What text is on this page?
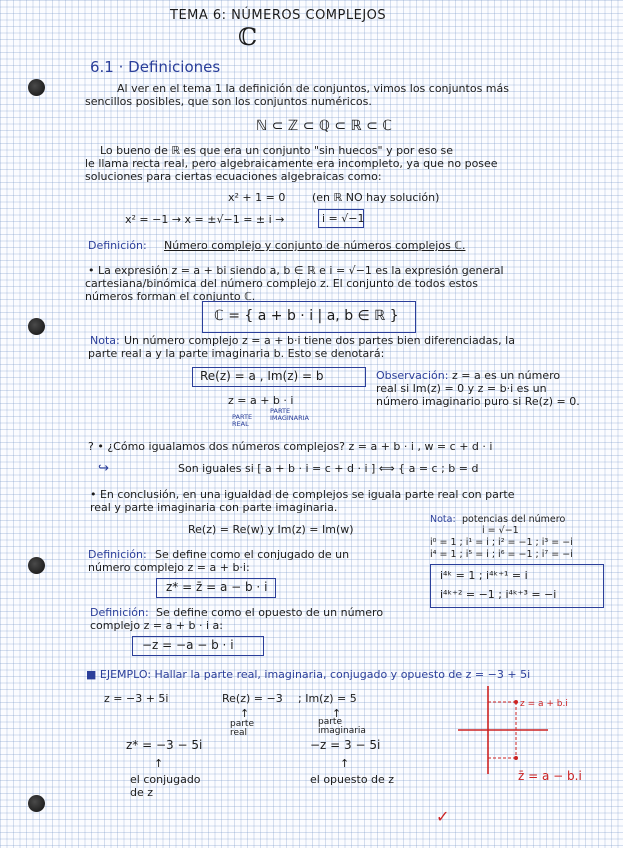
TEMA 6: NÚMEROS COMPLEJOS
ℂ
6.1 · Definiciones
Al ver en el tema 1 la definición de conjuntos, vimos los conjuntos más
sencillos posibles, que son los conjuntos numéricos.
ℕ ⊂ ℤ ⊂ ℚ ⊂ ℝ ⊂ ℂ
Lo bueno de ℝ es que era un conjunto "sin huecos" y por eso se
le llama recta real, pero algebraicamente era incompleto, ya que no posee
soluciones para ciertas ecuaciones algebraicas como:
x² + 1 = 0 (en ℝ NO hay solución)
x² = −1 → x = ±√−1 = ± i →	i = √−1
Definición: Número complejo y conjunto de números complejos ℂ.
• La expresión z = a + bi siendo a, b ∈ ℝ e i = √−1 es la expresión general
cartesiana/binómica del número complejo z. El conjunto de todos estos
números forman el conjunto ℂ.
ℂ = { a + b · i | a, b ∈ ℝ }
Nota: Un número complejo z = a + b·i tiene dos partes bien diferenciadas, la
parte real a y la parte imaginaria b. Esto se denotará:
Re(z) = a , Im(z) = b
z = a + b · i
PARTE REAL
PARTE IMAGINARIA
Observación: z = a es un número
real si Im(z) = 0 y z = b·i es un
número imaginario puro si Re(z) = 0.
? • ¿Cómo igualamos dos números complejos? z = a + b · i , w = c + d · i
↪	Son iguales si [ a + b · i = c + d · i ] ⟺ { a = c ; b = d
• En conclusión, en una igualdad de complejos se iguala parte real con parte
real y parte imaginaria con parte imaginaria.
Re(z) = Re(w) y Im(z) = Im(w)
Nota: potencias del número
i = √−1
i⁰ = 1 ; i¹ = i ; i² = −1 ; i³ = −i
i⁴ = 1 ; i⁵ = i ; i⁶ = −1 ; i⁷ = −i
i⁴ᵏ = 1 ; i⁴ᵏ⁺¹ = i
i⁴ᵏ⁺² = −1 ; i⁴ᵏ⁺³ = −i
Definición: Se define como el conjugado de un
número complejo z = a + b·i:
z* = z̄ = a − b · i
Definición: Se define como el opuesto de un número
complejo z = a + b · i a:
−z = −a − b · i
■ EJEMPLO: Hallar la parte real, imaginaria, conjugado y opuesto de z = −3 + 5i
z = −3 + 5i	Re(z) = −3 ; Im(z) = 5
↑	↑
parte real
parte imaginaria
z* = −3 − 5i	−z = 3 − 5i
↑	↑
el conjugado de z
el opuesto de z
z = a + b.i
z̄ = a − b.i
✓
